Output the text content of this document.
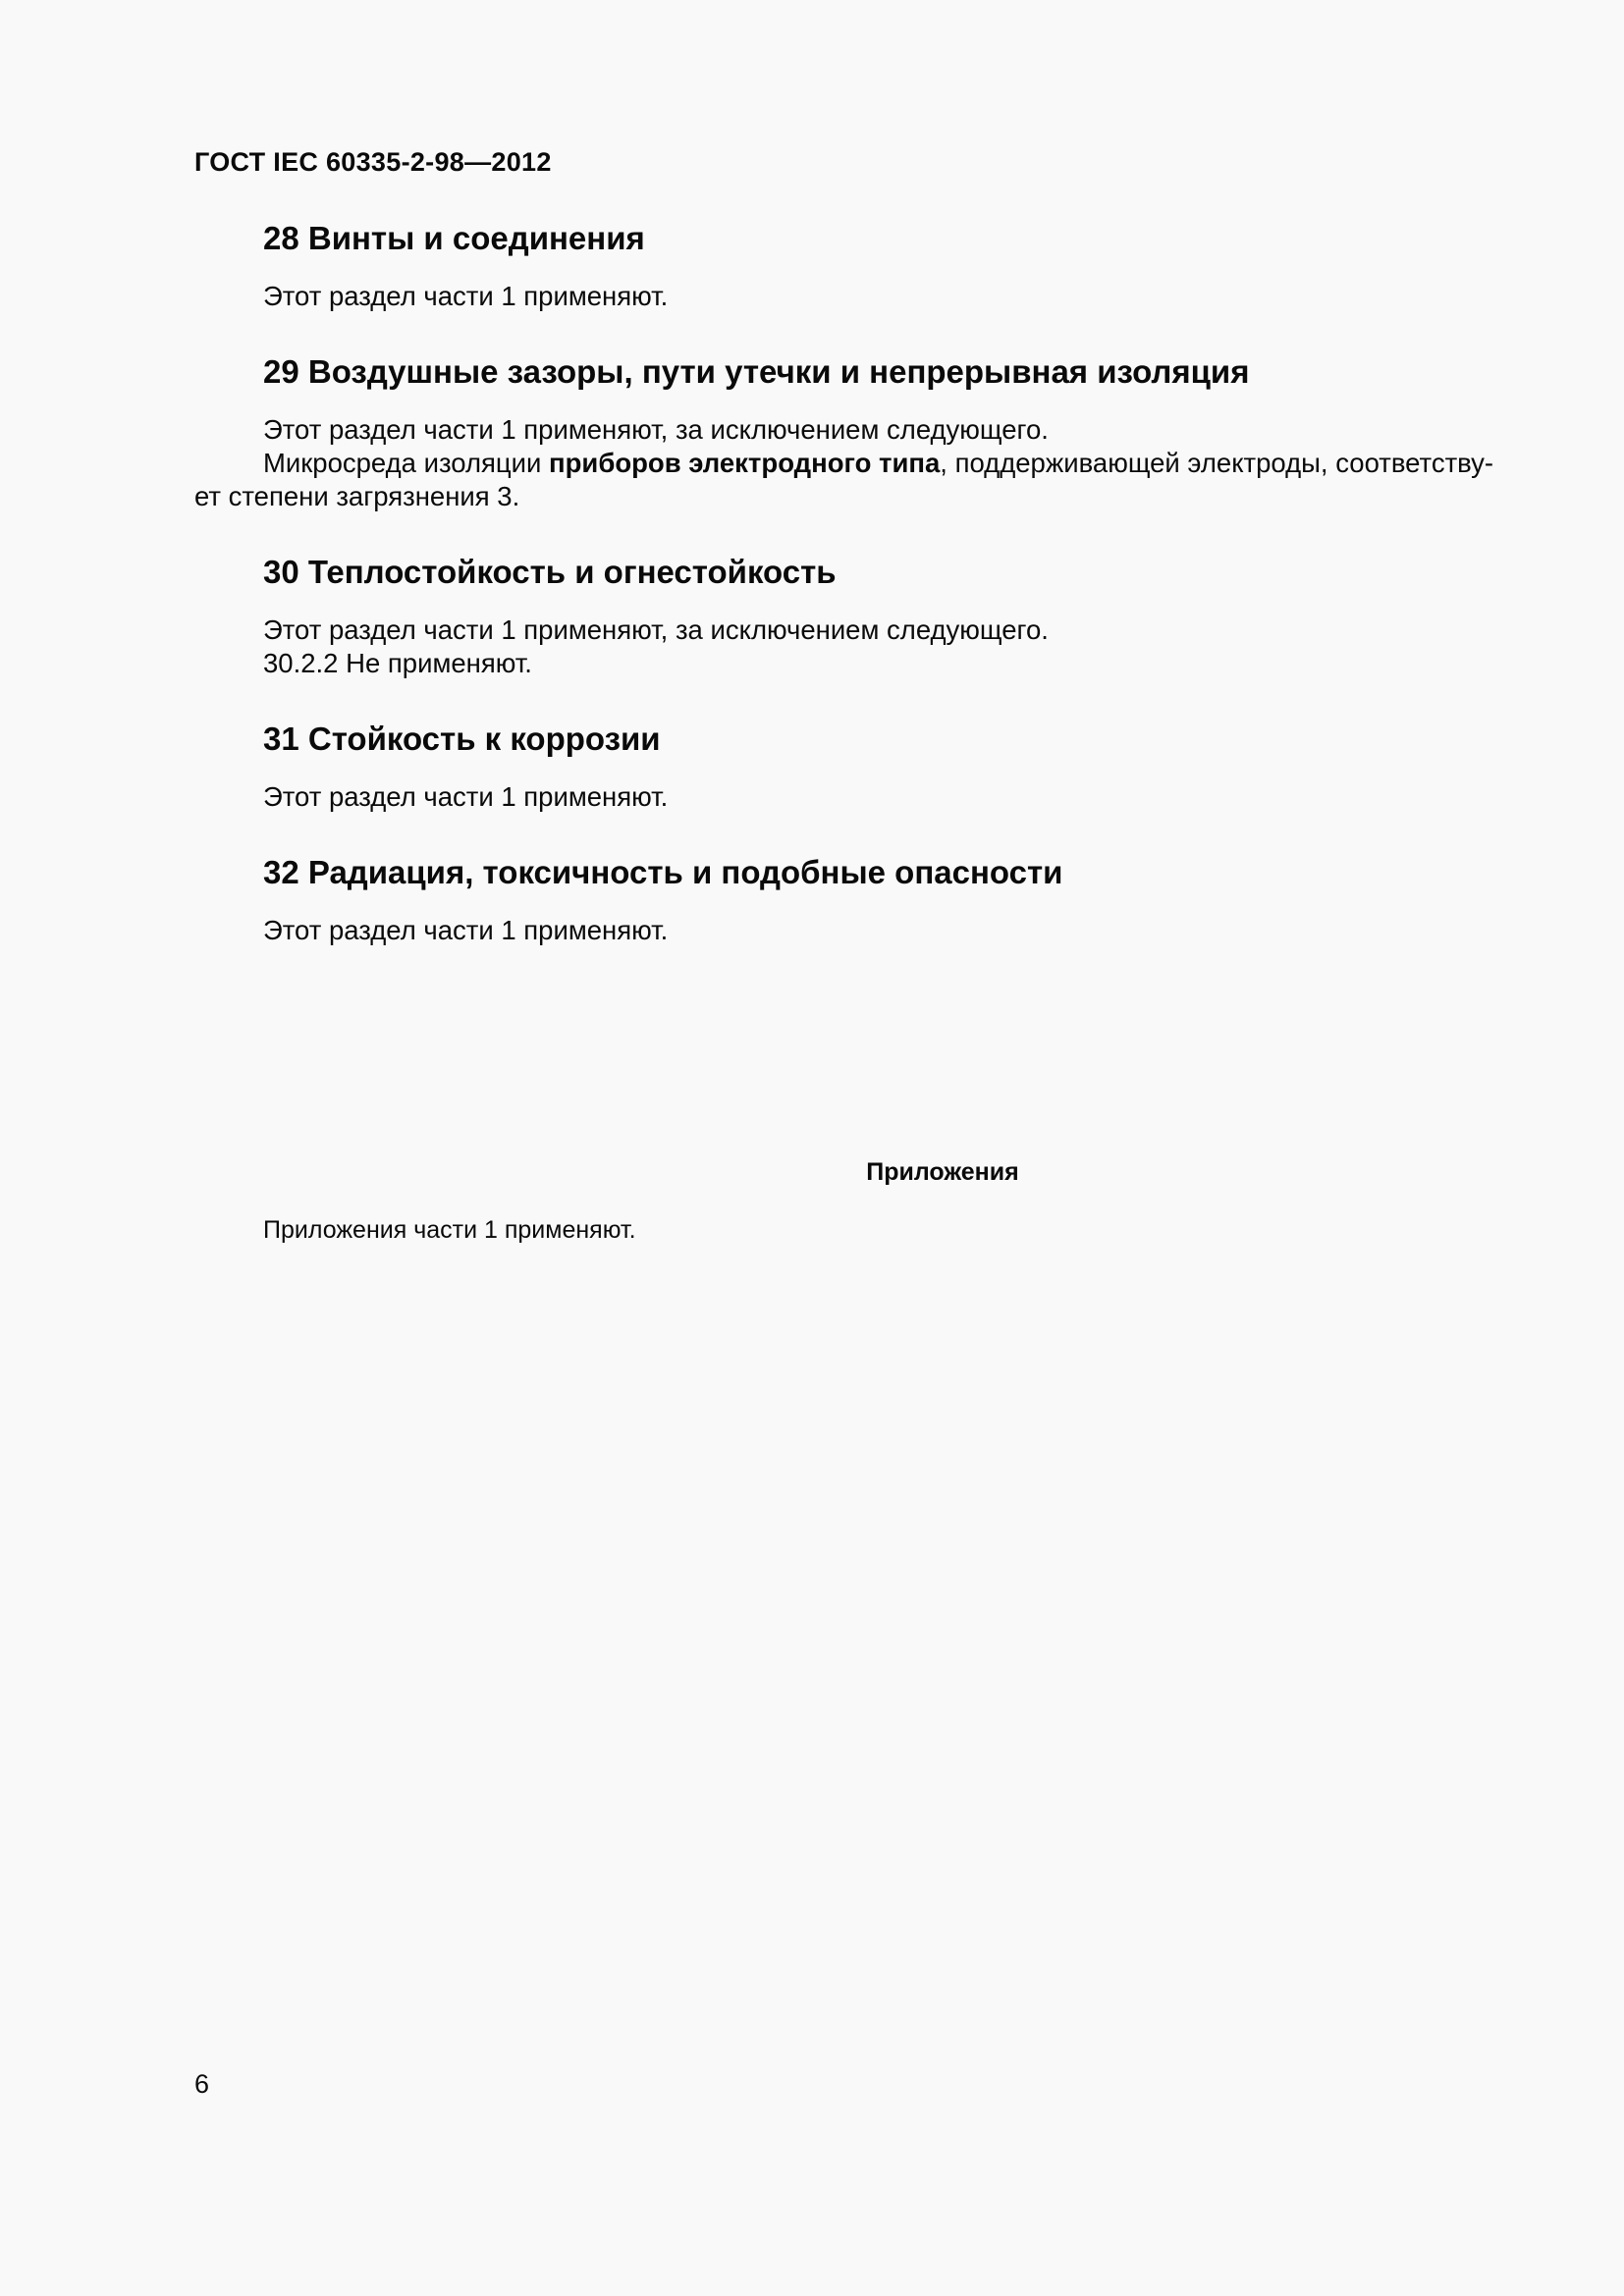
ГОСТ IEC 60335-2-98—2012
28 Винты и соединения

Этот раздел части 1 применяют.

29 Воздушные зазоры, пути утечки и непрерывная изоляция

Этот раздел части 1 применяют, за исключением следующего.

Микросреда изоляции приборов электродного типа, поддерживающей электроды, соответству-ет степени загрязнения 3.

30 Теплостойкость и огнестойкость

Этот раздел части 1 применяют, за исключением следующего.

30.2.2 Не применяют.

31 Стойкость к коррозии

Этот раздел части 1 применяют.

32 Радиация, токсичность и подобные опасности

Этот раздел части 1 применяют.

Приложения

Приложения части 1 применяют.

6
